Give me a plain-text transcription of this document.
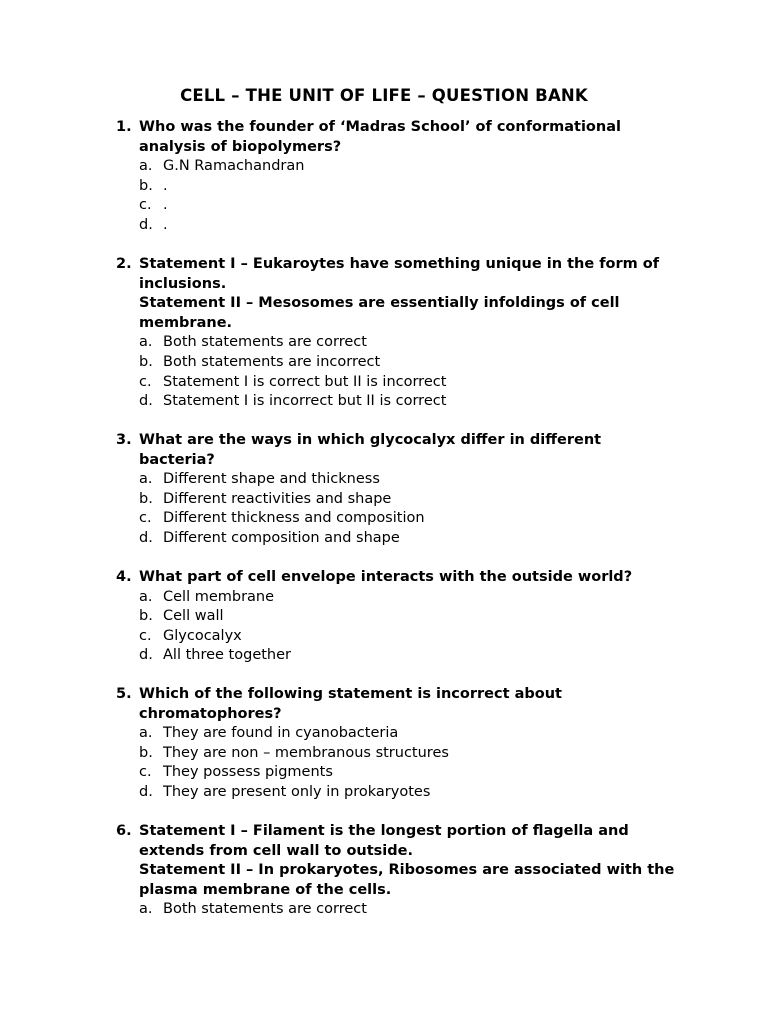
CELL – THE UNIT OF LIFE – QUESTION BANK
1. Who was the founder of ‘Madras School’ of conformational analysis of biopolymers?
a. G.N Ramachandran
b. .
c. .
d. .
2. Statement I – Eukaroytes have something unique in the form of inclusions.
Statement II – Mesosomes are essentially infoldings of cell membrane.
a. Both statements are correct
b. Both statements are incorrect
c. Statement I is correct but II is incorrect
d. Statement I is incorrect but II is correct
3. What are the ways in which glycocalyx differ in different bacteria?
a. Different shape and thickness
b. Different reactivities and shape
c. Different thickness and composition
d. Different composition and shape
4. What part of cell envelope interacts with the outside world?
a. Cell membrane
b. Cell wall
c. Glycocalyx
d. All three together
5. Which of the following statement is incorrect about chromatophores?
a. They are found in cyanobacteria
b. They are non – membranous structures
c. They possess pigments
d. They are present only in prokaryotes
6. Statement I – Filament is the longest portion of flagella and extends from cell wall to outside.
Statement II – In prokaryotes, Ribosomes are associated with the plasma membrane of the cells.
a. Both statements are correct
